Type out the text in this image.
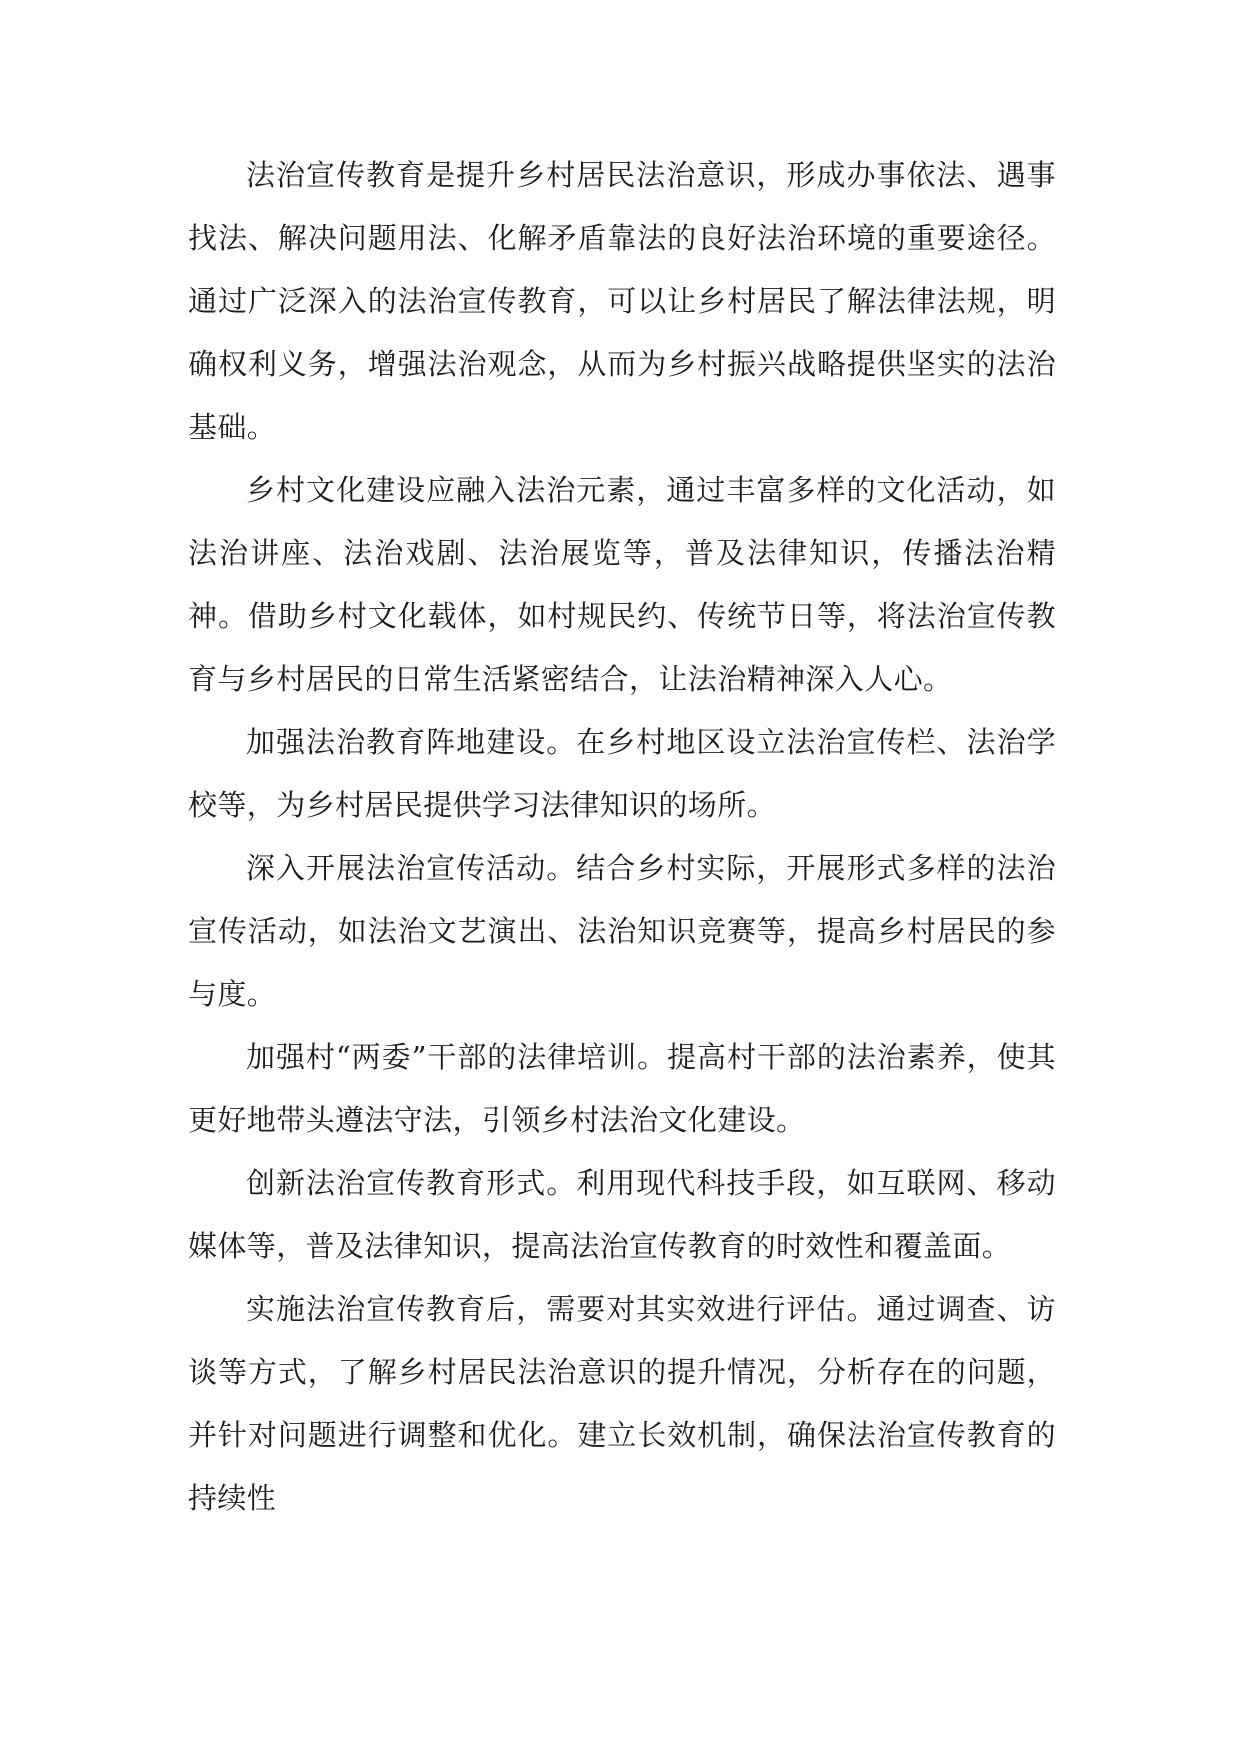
法治宣传教育是提升乡村居民法治意识，形成办事依法、遇事找法、解决问题用法、化解矛盾靠法的良好法治环境的重要途径。通过广泛深入的法治宣传教育，可以让乡村居民了解法律法规，明确权利义务，增强法治观念，从而为乡村振兴战略提供坚实的法治基础。

乡村文化建设应融入法治元素，通过丰富多样的文化活动，如法治讲座、法治戏剧、法治展览等，普及法律知识，传播法治精神。借助乡村文化载体，如村规民约、传统节日等，将法治宣传教育与乡村居民的日常生活紧密结合，让法治精神深入人心。

加强法治教育阵地建设。在乡村地区设立法治宣传栏、法治学校等，为乡村居民提供学习法律知识的场所。

深入开展法治宣传活动。结合乡村实际，开展形式多样的法治宣传活动，如法治文艺演出、法治知识竞赛等，提高乡村居民的参与度。

加强村“两委”干部的法律培训。提高村干部的法治素养，使其更好地带头遵法守法，引领乡村法治文化建设。

创新法治宣传教育形式。利用现代科技手段，如互联网、移动媒体等，普及法律知识，提高法治宣传教育的时效性和覆盖面。

实施法治宣传教育后，需要对其实效进行评估。通过调查、访谈等方式，了解乡村居民法治意识的提升情况，分析存在的问题，并针对问题进行调整和优化。建立长效机制，确保法治宣传教育的持续性
